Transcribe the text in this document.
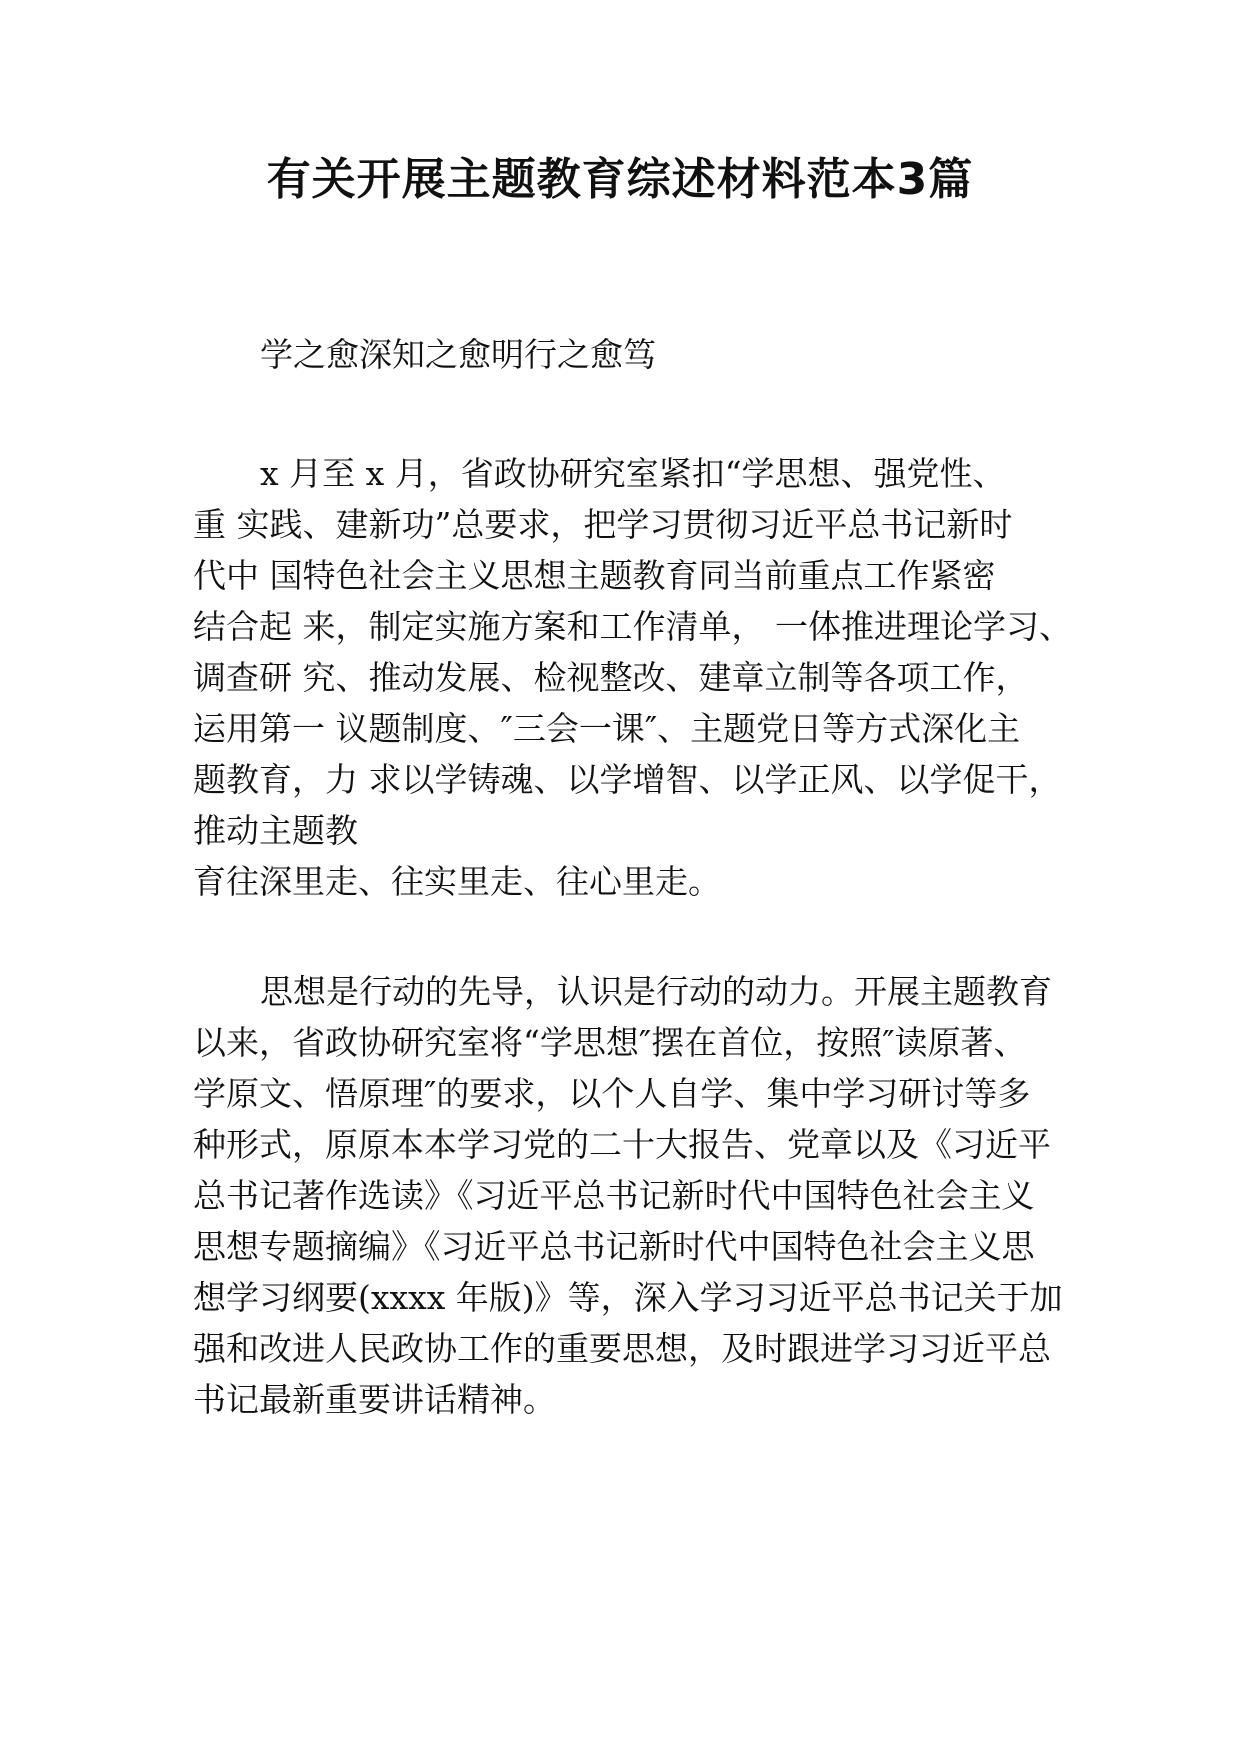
有关开展主题教育综述材料范本3篇

学之愈深知之愈明行之愈笃

x 月至 x 月，省政协研究室紧扣“学思想、强党性、
重 实践、建新功”总要求，把学习贯彻习近平总书记新时
代中 国特色社会主义思想主题教育同当前重点工作紧密
结合起 来，制定实施方案和工作清单， 一体推进理论学习、
调查研 究、推动发展、检视整改、建章立制等各项工作，
运用第一 议题制度、″三会一课″、主题党日等方式深化主
题教育，力 求以学铸魂、以学增智、以学正风、以学促干，
推动主题教
育往深里走、往实里走、往心里走。
思想是行动的先导，认识是行动的动力。开展主题教育
以来，省政协研究室将“学思想″摆在首位，按照″读原著、
学原文、悟原理″的要求，以个人自学、集中学习研讨等多
种形式，原原本本学习党的二十大报告、党章以及《习近平
总书记著作选读》《习近平总书记新时代中国特色社会主义
思想专题摘编》《习近平总书记新时代中国特色社会主义思
想学习纲要(xxxx 年版)》等，深入学习习近平总书记关于加
强和改进人民政协工作的重要思想，及时跟进学习习近平总
书记最新重要讲话精神。
